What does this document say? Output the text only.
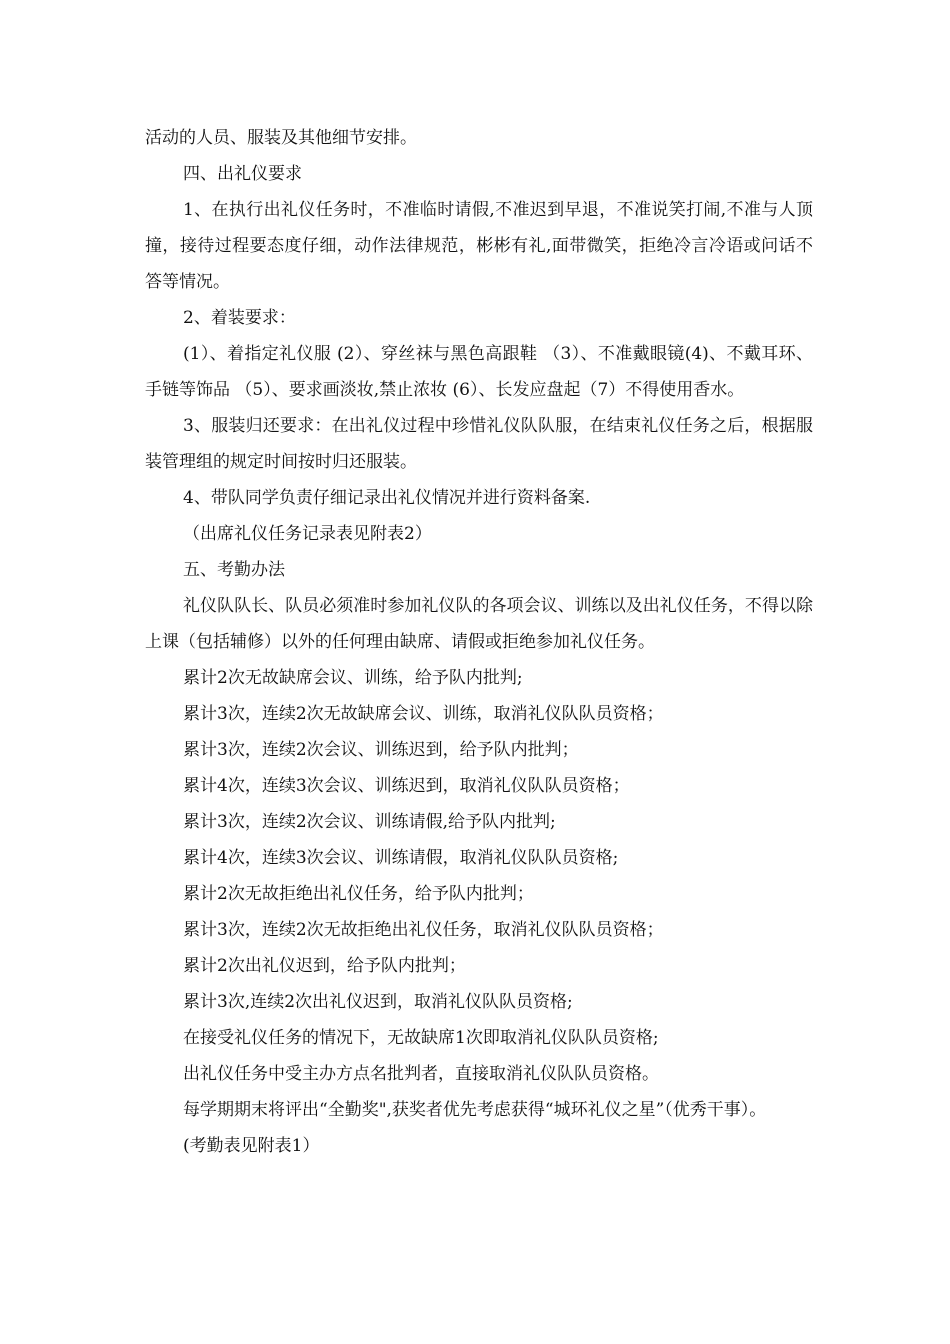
活动的人员、服装及其他细节安排。

四、出礼仪要求

1、在执行出礼仪任务时，不准临时请假,不准迟到早退，不准说笑打闹,不准与人顶撞，接待过程要态度仔细，动作法律规范，彬彬有礼,面带微笑，拒绝冷言冷语或问话不答等情况。

2、着装要求：

(1）、着指定礼仪服 (2）、穿丝袜与黑色高跟鞋 （3）、不准戴眼镜(4)、不戴耳环、手链等饰品 （5）、要求画淡妆,禁止浓妆 (6）、长发应盘起（7）不得使用香水。

3、服装归还要求：在出礼仪过程中珍惜礼仪队队服，在结束礼仪任务之后，根据服装管理组的规定时间按时归还服装。

4、带队同学负责仔细记录出礼仪情况并进行资料备案.

（出席礼仪任务记录表见附表2）

五、考勤办法

礼仪队队长、队员必须准时参加礼仪队的各项会议、训练以及出礼仪任务，不得以除上课（包括辅修）以外的任何理由缺席、请假或拒绝参加礼仪任务。

累计2次无故缺席会议、训练，给予队内批判;

累计3次，连续2次无故缺席会议、训练，取消礼仪队队员资格；

累计3次，连续2次会议、训练迟到，给予队内批判；

累计4次，连续3次会议、训练迟到，取消礼仪队队员资格；

累计3次，连续2次会议、训练请假,给予队内批判;

累计4次，连续3次会议、训练请假，取消礼仪队队员资格;

累计2次无故拒绝出礼仪任务，给予队内批判；

累计3次，连续2次无故拒绝出礼仪任务，取消礼仪队队员资格；

累计2次出礼仪迟到，给予队内批判；

累计3次,连续2次出礼仪迟到，取消礼仪队队员资格;

在接受礼仪任务的情况下，无故缺席1次即取消礼仪队队员资格;

出礼仪任务中受主办方点名批判者，直接取消礼仪队队员资格。

每学期期末将评出“全勤奖",获奖者优先考虑获得“城环礼仪之星”（优秀干事）。

(考勤表见附表1）
